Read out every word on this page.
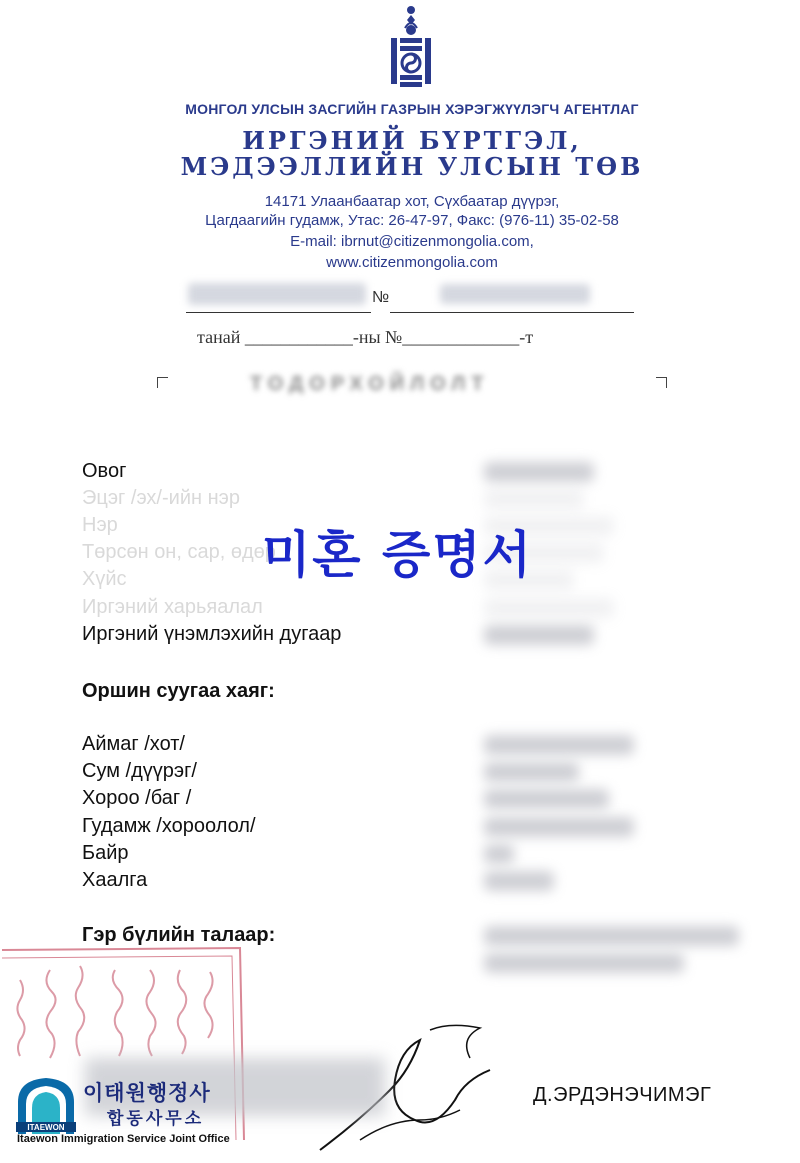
МОНГОЛ УЛСЫН ЗАСГИЙН ГАЗРЫН ХЭРЭГЖҮҮЛЭГЧ АГЕНТЛАГ
ИРГЭНИЙ БҮРТГЭЛ,
МЭДЭЭЛЛИЙН УЛСЫН ТӨВ
14171 Улаанбаатар хот, Сүхбаатар дүүрэг,
Цагдаагийн гудамж, Утас: 26-47-97, Факс: (976-11) 35-02-58
E-mail: ibrnut@citizenmongolia.com,
www.citizenmongolia.com
№
танай ____________-ны №_____________-т
ТОДОРХОЙЛОЛТ
Овог
Эцэг /эх/-ийн нэр
Нэр
Төрсөн он, сар, өдөр
Хүйс
Иргэний харьяалал
Иргэний үнэмлэхийн дугаар
미혼 증명서
Оршин суугаа хаяг:
Аймаг /хот/
Сум /дүүрэг/
Хороо /баг /
Гудамж /хороолол/
Байр
Хаалга
Гэр бүлийн талаар:
Д.ЭРДЭНЭЧИМЭГ
ITAEWON
이태원행정사
합동사무소
Itaewon Immigration Service Joint Office
